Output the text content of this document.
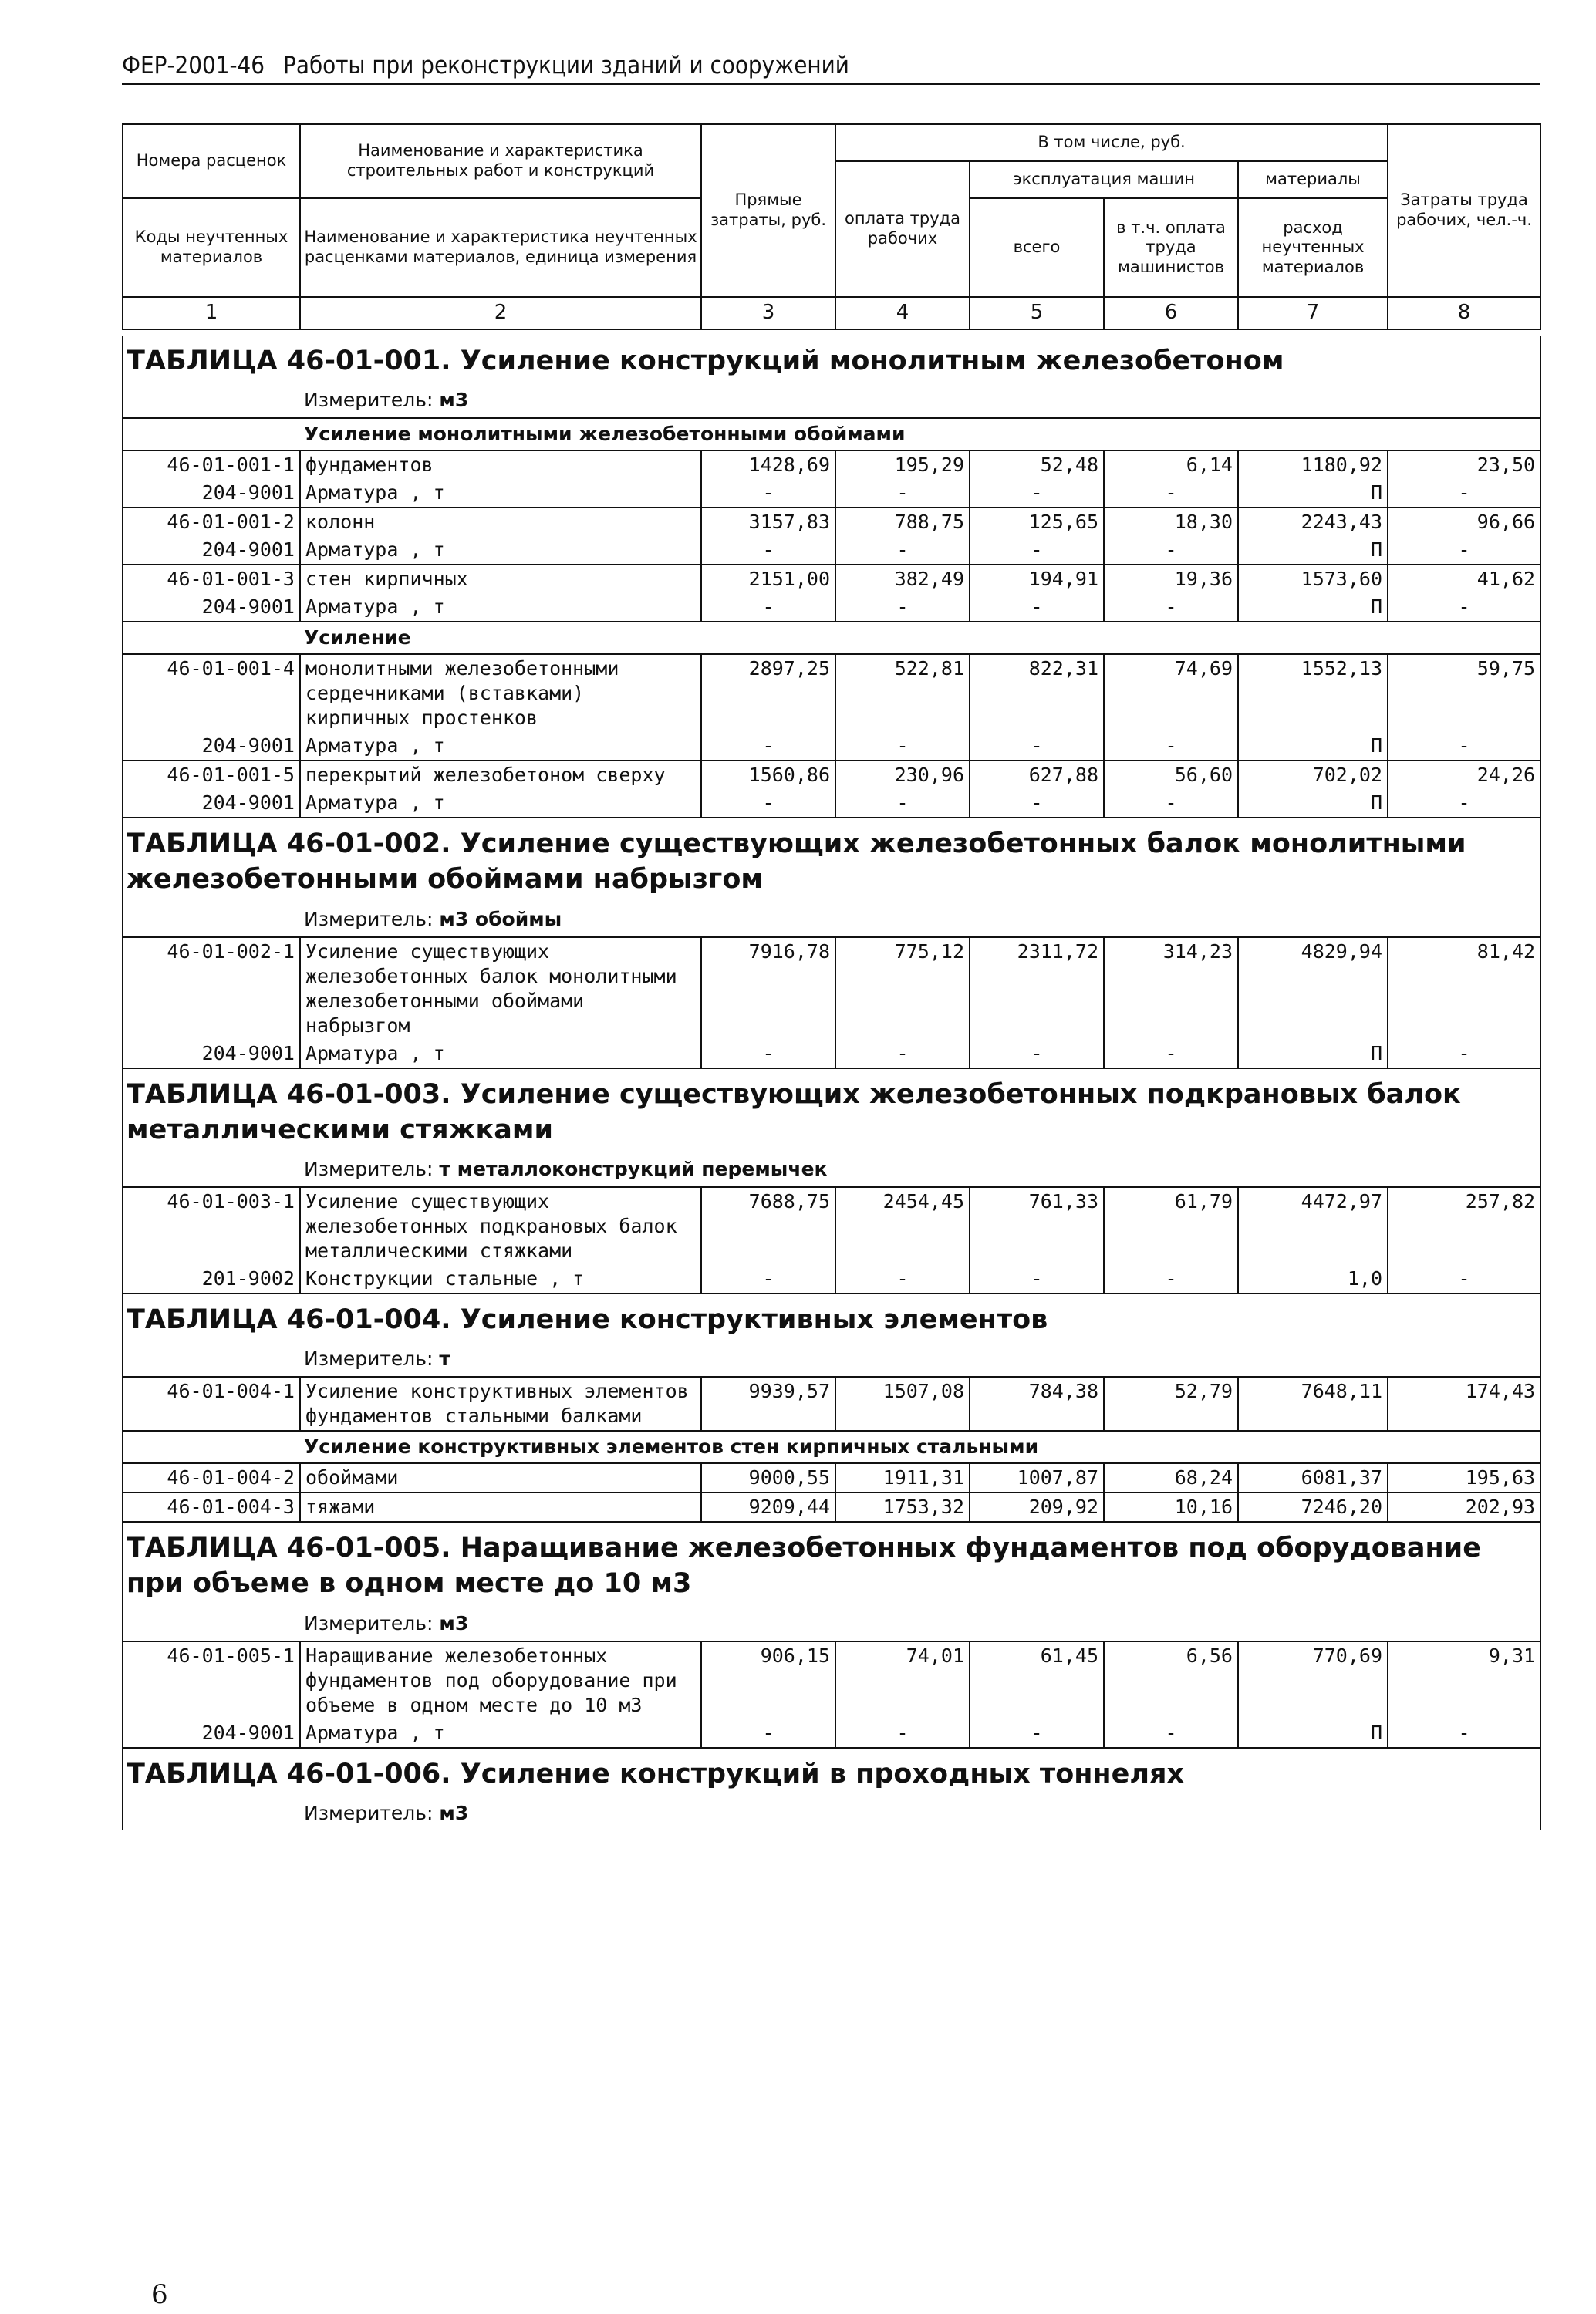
ФЕР-2001-46 Работы при реконструкции зданий и сооружений
Номера расценок	Наименование и характеристика строительных работ и конструкций	Прямые затраты, руб.	В том числе, руб.				Затраты труда рабочих, чел.-ч.
			оплата труда рабочих	эксплуатация машин		материалы	

Коды неучтенных материалов	Наименование и характеристика неучтенных расценками материалов, единица измерения			всего	в т.ч. оплата труда машинистов	расход неучтенных материалов	

1	2	3	4	5	6	7	8
ТАБЛИЦА 46-01-001. Усиление конструкций монолитным железобетоном							
Измеритель: м3							
Усиление монолитными железобетонными обоймами							
46-01-001-1	фундаментов	1428,69	195,29	52,48	6,14	1180,92	23,50
204-9001	Арматура , т	-	-	-	-	П	-
46-01-001-2	колонн	3157,83	788,75	125,65	18,30	2243,43	96,66
204-9001	Арматура , т	-	-	-	-	П	-
46-01-001-3	стен кирпичных	2151,00	382,49	194,91	19,36	1573,60	41,62
204-9001	Арматура , т	-	-	-	-	П	-
Усиление							
46-01-001-4	монолитными железобетонными сердечниками (вставками) кирпичных простенков	2897,25	522,81	822,31	74,69	1552,13	59,75
204-9001	Арматура , т	-	-	-	-	П	-
46-01-001-5	перекрытий железобетоном сверху	1560,86	230,96	627,88	56,60	702,02	24,26
204-9001	Арматура , т	-	-	-	-	П	-
ТАБЛИЦА 46-01-002. Усиление существующих железобетонных балок монолитными железобетонными обоймами набрызгом							
Измеритель: м3 обоймы							
46-01-002-1	Усиление существующих железобетонных балок монолитными железобетонными обоймами набрызгом	7916,78	775,12	2311,72	314,23	4829,94	81,42
204-9001	Арматура , т	-	-	-	-	П	-
ТАБЛИЦА 46-01-003. Усиление существующих железобетонных подкрановых балок металлическими стяжками							
Измеритель: т металлоконструкций перемычек							
46-01-003-1	Усиление существующих железобетонных подкрановых балок металлическими стяжками	7688,75	2454,45	761,33	61,79	4472,97	257,82
201-9002	Конструкции стальные , т	-	-	-	-	1,0	-
ТАБЛИЦА 46-01-004. Усиление конструктивных элементов							
Измеритель: т							
46-01-004-1	Усиление конструктивных элементов фундаментов стальными балками	9939,57	1507,08	784,38	52,79	7648,11	174,43
Усиление конструктивных элементов стен кирпичных стальными							
46-01-004-2	обоймами	9000,55	1911,31	1007,87	68,24	6081,37	195,63
46-01-004-3	тяжами	9209,44	1753,32	209,92	10,16	7246,20	202,93
ТАБЛИЦА 46-01-005. Наращивание железобетонных фундаментов под оборудование при объеме в одном месте до 10 м3							
Измеритель: м3							
46-01-005-1	Наращивание железобетонных фундаментов под оборудование при объеме в одном месте до 10 м3	906,15	74,01	61,45	6,56	770,69	9,31
204-9001	Арматура , т	-	-	-	-	П	-
ТАБЛИЦА 46-01-006. Усиление конструкций в проходных тоннелях							
Измеритель: м3							
6
